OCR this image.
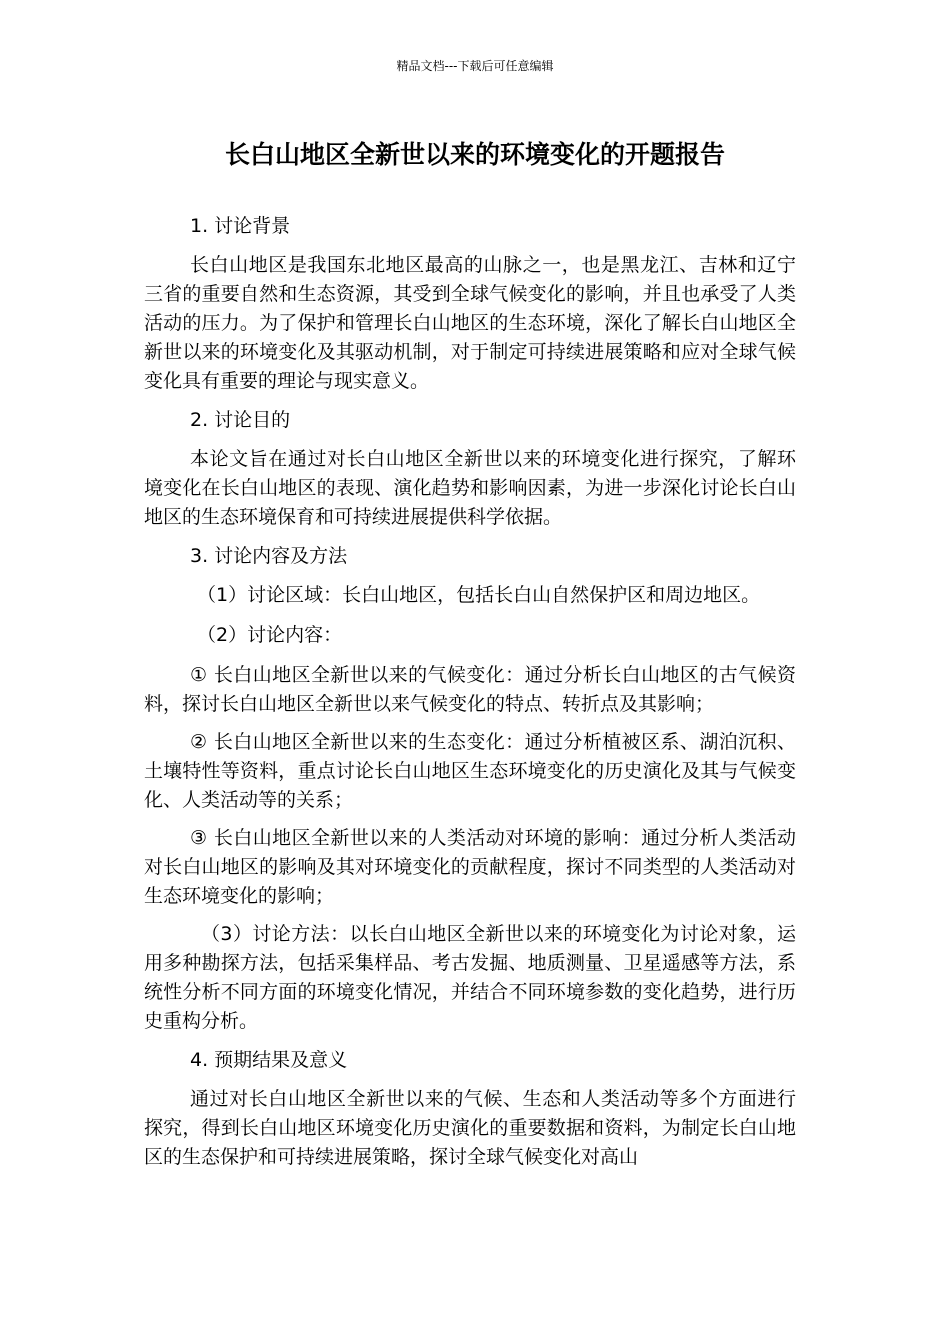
精品文档---下载后可任意编辑
长白山地区全新世以来的环境变化的开题报告

1. 讨论背景

长白山地区是我国东北地区最高的山脉之一，也是黑龙江、吉林和辽宁三省的重要自然和生态资源，其受到全球气候变化的影响，并且也承受了人类活动的压力。为了保护和管理长白山地区的生态环境，深化了解长白山地区全新世以来的环境变化及其驱动机制，对于制定可持续进展策略和应对全球气候变化具有重要的理论与现实意义。

2. 讨论目的

本论文旨在通过对长白山地区全新世以来的环境变化进行探究，了解环境变化在长白山地区的表现、演化趋势和影响因素，为进一步深化讨论长白山地区的生态环境保育和可持续进展提供科学依据。

3. 讨论内容及方法

（1）讨论区域：长白山地区，包括长白山自然保护区和周边地区。

（2）讨论内容：

① 长白山地区全新世以来的气候变化：通过分析长白山地区的古气候资料，探讨长白山地区全新世以来气候变化的特点、转折点及其影响；

② 长白山地区全新世以来的生态变化：通过分析植被区系、湖泊沉积、土壤特性等资料，重点讨论长白山地区生态环境变化的历史演化及其与气候变化、人类活动等的关系；

③ 长白山地区全新世以来的人类活动对环境的影响：通过分析人类活动对长白山地区的影响及其对环境变化的贡献程度，探讨不同类型的人类活动对生态环境变化的影响；

（3）讨论方法：以长白山地区全新世以来的环境变化为讨论对象，运用多种勘探方法，包括采集样品、考古发掘、地质测量、卫星遥感等方法，系统性分析不同方面的环境变化情况，并结合不同环境参数的变化趋势，进行历史重构分析。

4. 预期结果及意义

通过对长白山地区全新世以来的气候、生态和人类活动等多个方面进行探究，得到长白山地区环境变化历史演化的重要数据和资料，为制定长白山地区的生态保护和可持续进展策略，探讨全球气候变化对高山
